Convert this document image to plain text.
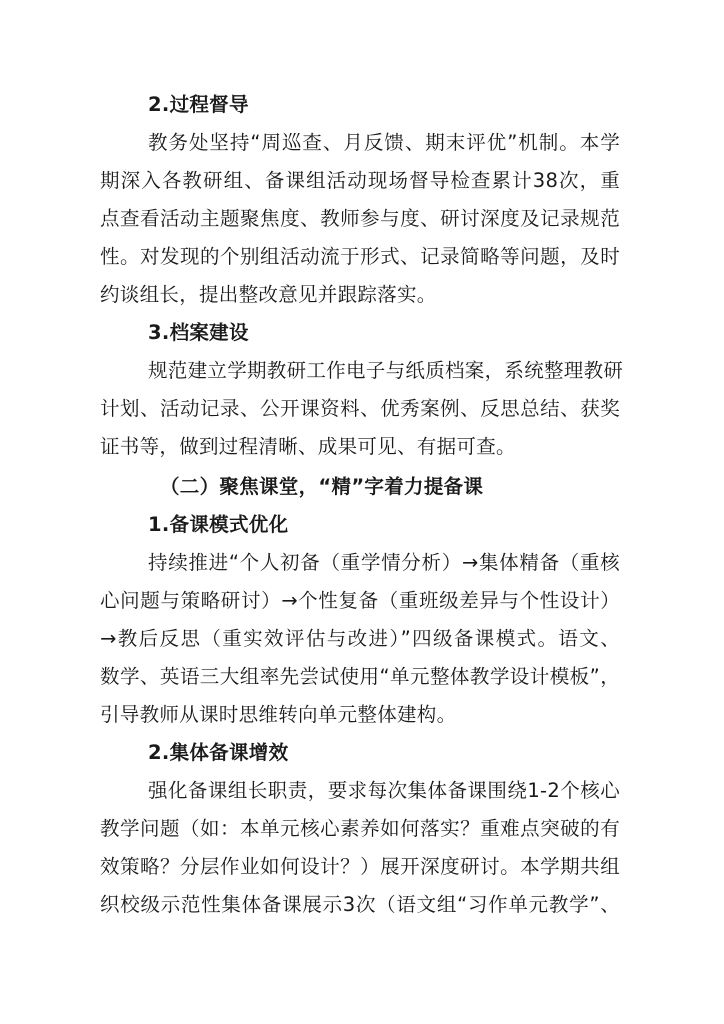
2.过程督导
教务处坚持“周巡查、月反馈、期末评优”机制。本学
期深入各教研组、备课组活动现场督导检查累计38次，重
点查看活动主题聚焦度、教师参与度、研讨深度及记录规范
性。对发现的个别组活动流于形式、记录简略等问题，及时
约谈组长，提出整改意见并跟踪落实。
3.档案建设
规范建立学期教研工作电子与纸质档案，系统整理教研
计划、活动记录、公开课资料、优秀案例、反思总结、获奖
证书等，做到过程清晰、成果可见、有据可查。
（二）聚焦课堂，“精”字着力提备课
1.备课模式优化
持续推进“个人初备（重学情分析）→集体精备（重核
心问题与策略研讨）→个性复备（重班级差异与个性设计）
→教后反思（重实效评估与改进）”四级备课模式。语文、
数学、英语三大组率先尝试使用“单元整体教学设计模板”，
引导教师从课时思维转向单元整体建构。
2.集体备课增效
强化备课组长职责，要求每次集体备课围绕1-2个核心
教学问题（如：本单元核心素养如何落实？重难点突破的有
效策略？分层作业如何设计？）展开深度研讨。本学期共组
织校级示范性集体备课展示3次（语文组“习作单元教学”、
